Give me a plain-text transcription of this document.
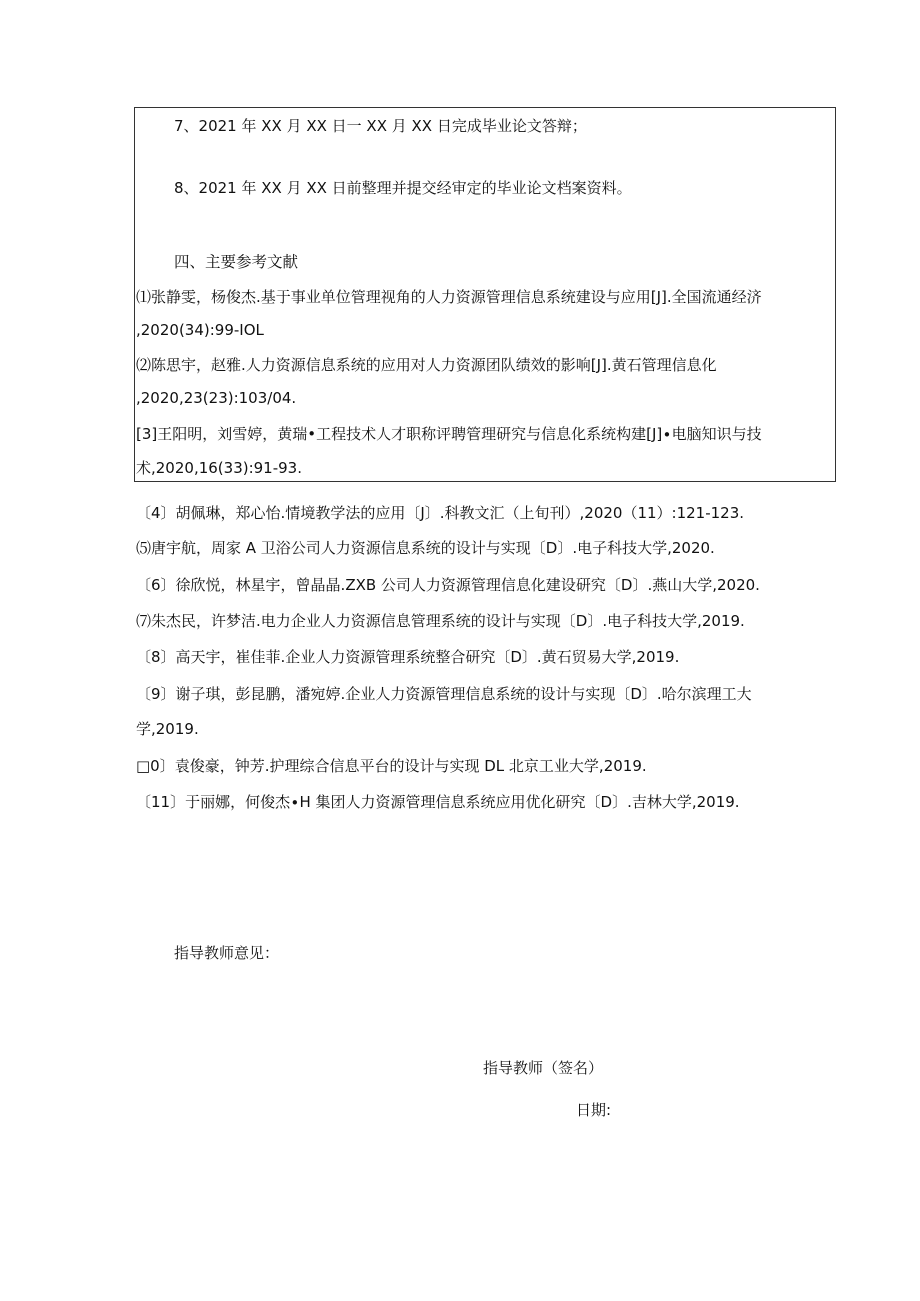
7、2021 年 XX 月 XX 日一 XX 月 XX 日完成毕业论文答辩；
8、2021 年 XX 月 XX 日前整理并提交经审定的毕业论文档案资料。
四、主要参考文献
⑴张静雯，杨俊杰.基于事业单位管理视角的人力资源管理信息系统建设与应用[J].全国流通经济
,2020(34):99-IOL
⑵陈思宇，赵雅.人力资源信息系统的应用对人力资源团队绩效的影响[J].黄石管理信息化
,2020,23(23):103/04.
[3]王阳明，刘雪婷，黄瑞•工程技术人才职称评聘管理研究与信息化系统构建[J]∙电脑知识与技
术,2020,16(33):91-93.
〔4〕胡佩琳，郑心怡.情境教学法的应用〔J〕.科教文汇（上旬刊）,2020（11）:121-123.
⑸唐宇航，周家 A 卫浴公司人力资源信息系统的设计与实现〔D〕.电子科技大学,2020.
〔6〕徐欣悦，林星宇，曾晶晶.ZXB 公司人力资源管理信息化建设研究〔D〕.燕山大学,2020.
⑺朱杰民，许梦洁.电力企业人力资源信息管理系统的设计与实现〔D〕.电子科技大学,2019.
〔8〕高天宇，崔佳菲.企业人力资源管理系统整合研究〔D〕.黄石贸易大学,2019.
〔9〕谢子琪，彭昆鹏，潘宛婷.企业人力资源管理信息系统的设计与实现〔D〕.哈尔滨理工大
学,2019.
□0〕袁俊豪，钟芳.护理综合信息平台的设计与实现 DL 北京工业大学,2019.
〔11〕于丽娜，何俊杰∙H 集团人力资源管理信息系统应用优化研究〔D〕.吉林大学,2019.
指导教师意见：
指导教师（签名）
日期:
